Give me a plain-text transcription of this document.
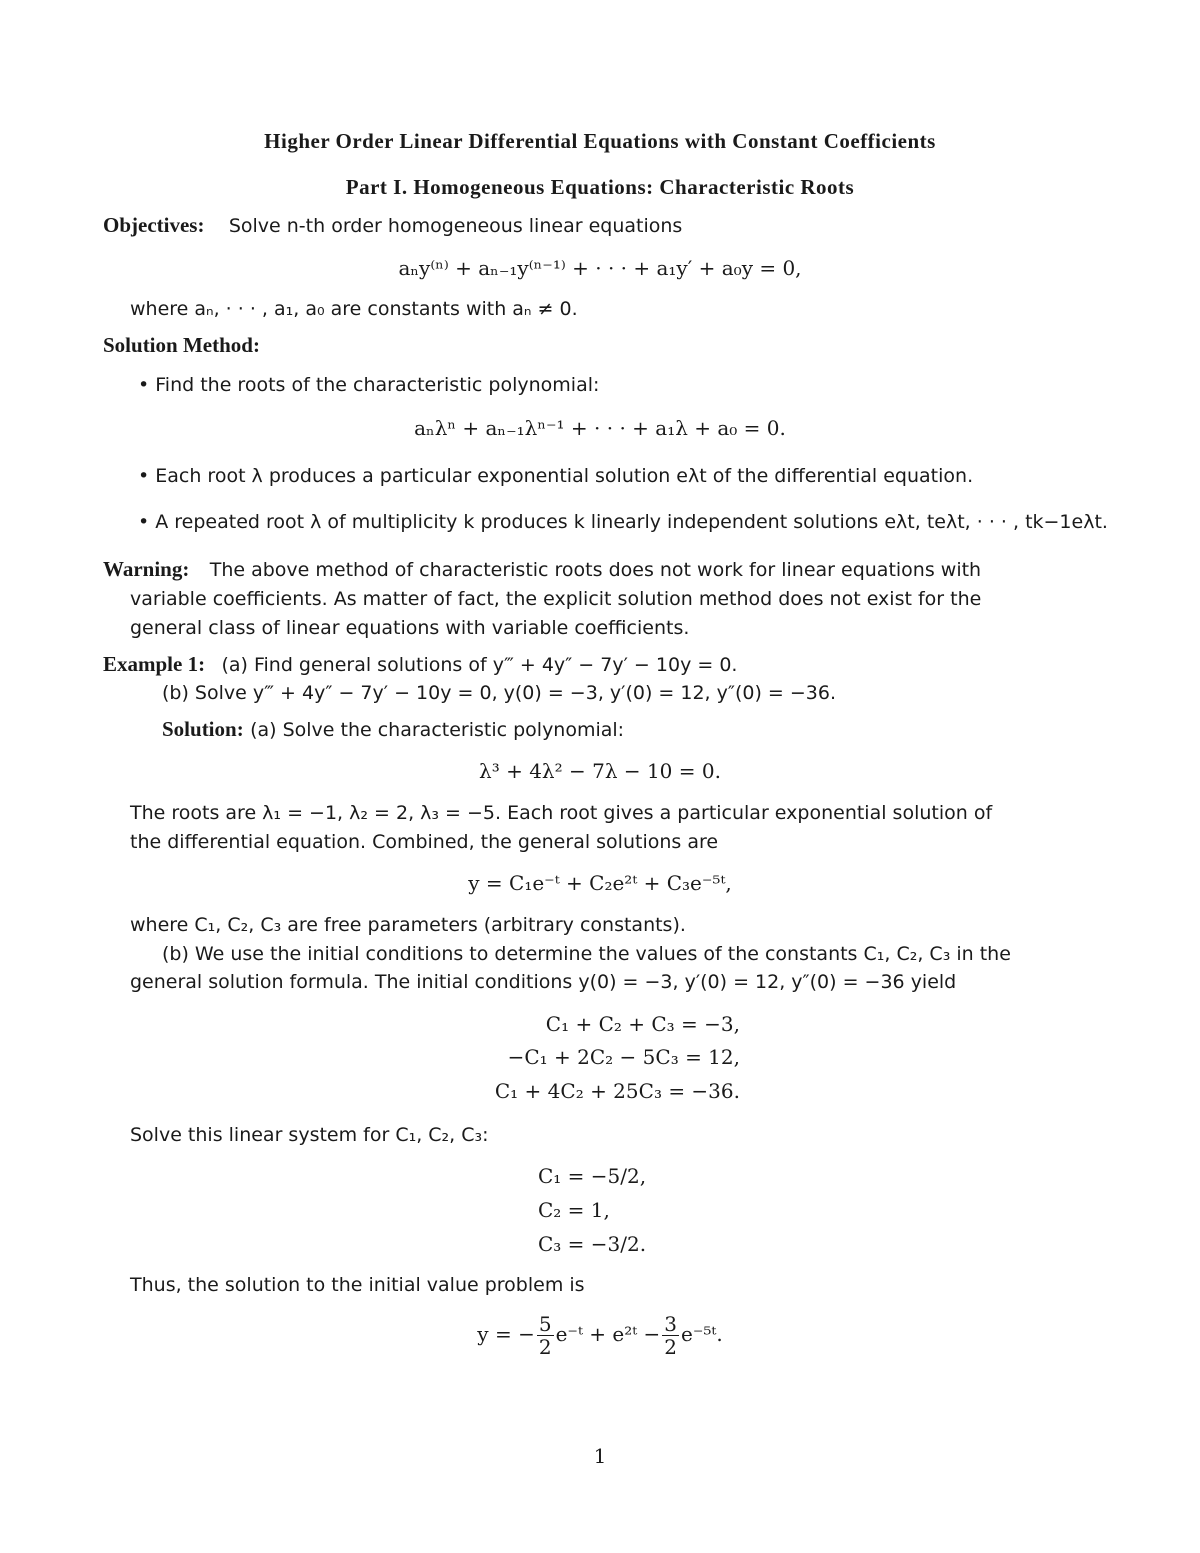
Higher Order Linear Differential Equations with Constant Coefficients
Part I. Homogeneous Equations: Characteristic Roots
Objectives: Solve n-th order homogeneous linear equations
aₙy⁽ⁿ⁾ + aₙ₋₁y⁽ⁿ⁻¹⁾ + · · · + a₁y′ + a₀y = 0,
where aₙ, · · · , a₁, a₀ are constants with aₙ ≠ 0.
Solution Method:
• Find the roots of the characteristic polynomial:
aₙλⁿ + aₙ₋₁λⁿ⁻¹ + · · · + a₁λ + a₀ = 0.
• Each root λ produces a particular exponential solution eλt of the differential equation.
• A repeated root λ of multiplicity k produces k linearly independent solutions eλt, teλt, · · · , tk−1eλt.
Warning: The above method of characteristic roots does not work for linear equations with
variable coefficients. As matter of fact, the explicit solution method does not exist for the
general class of linear equations with variable coefficients.
Example 1: (a) Find general solutions of y‴ + 4y″ − 7y′ − 10y = 0.
(b) Solve y‴ + 4y″ − 7y′ − 10y = 0, y(0) = −3, y′(0) = 12, y″(0) = −36.
Solution: (a) Solve the characteristic polynomial:
λ³ + 4λ² − 7λ − 10 = 0.
The roots are λ₁ = −1, λ₂ = 2, λ₃ = −5. Each root gives a particular exponential solution of
the differential equation. Combined, the general solutions are
y = C₁e⁻ᵗ + C₂e²ᵗ + C₃e⁻⁵ᵗ,
where C₁, C₂, C₃ are free parameters (arbitrary constants).
(b) We use the initial conditions to determine the values of the constants C₁, C₂, C₃ in the
general solution formula. The initial conditions y(0) = −3, y′(0) = 12, y″(0) = −36 yield
C₁ + C₂ + C₃ = −3,
−C₁ + 2C₂ − 5C₃ = 12,
C₁ + 4C₂ + 25C₃ = −36.
Solve this linear system for C₁, C₂, C₃:
C₁ = −5/2,
C₂ = 1,
C₃ = −3/2.
Thus, the solution to the initial value problem is
y = − $\frac{5}{2}$ e⁻ᵗ + e²ᵗ − $\frac{3}{2}$ e⁻⁵ᵗ.
1
